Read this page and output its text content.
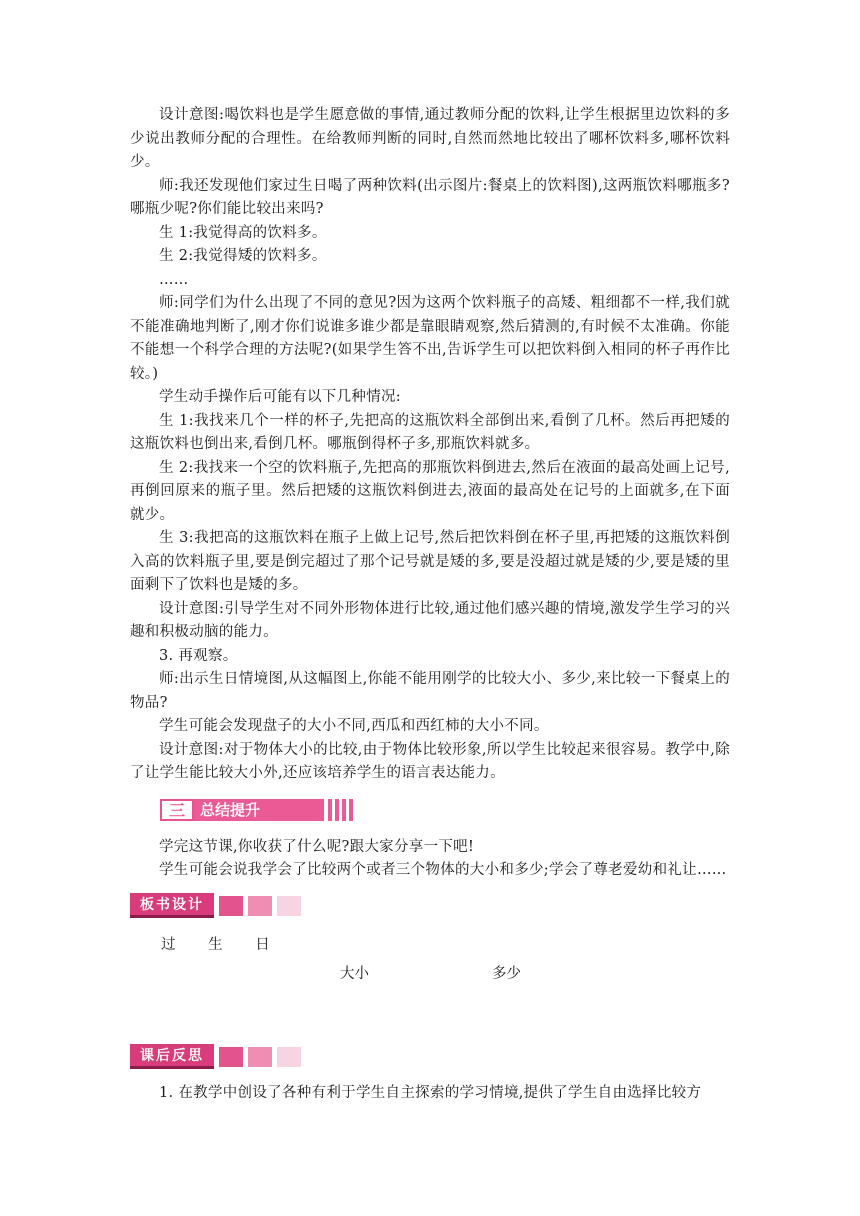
设计意图:喝饮料也是学生愿意做的事情,通过教师分配的饮料,让学生根据里边饮料的多少说出教师分配的合理性。在给教师判断的同时,自然而然地比较出了哪杯饮料多,哪杯饮料少。

师:我还发现他们家过生日喝了两种饮料(出示图片:餐桌上的饮料图),这两瓶饮料哪瓶多?哪瓶少呢?你们能比较出来吗?

生 1:我觉得高的饮料多。

生 2:我觉得矮的饮料多。

……

师:同学们为什么出现了不同的意见?因为这两个饮料瓶子的高矮、粗细都不一样,我们就不能准确地判断了,刚才你们说谁多谁少都是靠眼睛观察,然后猜测的,有时候不太准确。你能不能想一个科学合理的方法呢?(如果学生答不出,告诉学生可以把饮料倒入相同的杯子再作比较。)

学生动手操作后可能有以下几种情况:

生 1:我找来几个一样的杯子,先把高的这瓶饮料全部倒出来,看倒了几杯。然后再把矮的这瓶饮料也倒出来,看倒几杯。哪瓶倒得杯子多,那瓶饮料就多。

生 2:我找来一个空的饮料瓶子,先把高的那瓶饮料倒进去,然后在液面的最高处画上记号,再倒回原来的瓶子里。然后把矮的这瓶饮料倒进去,液面的最高处在记号的上面就多,在下面就少。

生 3:我把高的这瓶饮料在瓶子上做上记号,然后把饮料倒在杯子里,再把矮的这瓶饮料倒入高的饮料瓶子里,要是倒完超过了那个记号就是矮的多,要是没超过就是矮的少,要是矮的里面剩下了饮料也是矮的多。

设计意图:引导学生对不同外形物体进行比较,通过他们感兴趣的情境,激发学生学习的兴趣和积极动脑的能力。

3. 再观察。

师:出示生日情境图,从这幅图上,你能不能用刚学的比较大小、多少,来比较一下餐桌上的物品?

学生可能会发现盘子的大小不同,西瓜和西红柿的大小不同。

设计意图:对于物体大小的比较,由于物体比较形象,所以学生比较起来很容易。教学中,除了让学生能比较大小外,还应该培养学生的语言表达能力。

三	总结提升

学完这节课,你收获了什么呢?跟大家分享一下吧!

学生可能会说我学会了比较两个或者三个物体的大小和多少;学会了尊老爱幼和礼让……

板书设计
过 生 日
大小	多少
课后反思

1. 在教学中创设了各种有利于学生自主探索的学习情境,提供了学生自由选择比较方
